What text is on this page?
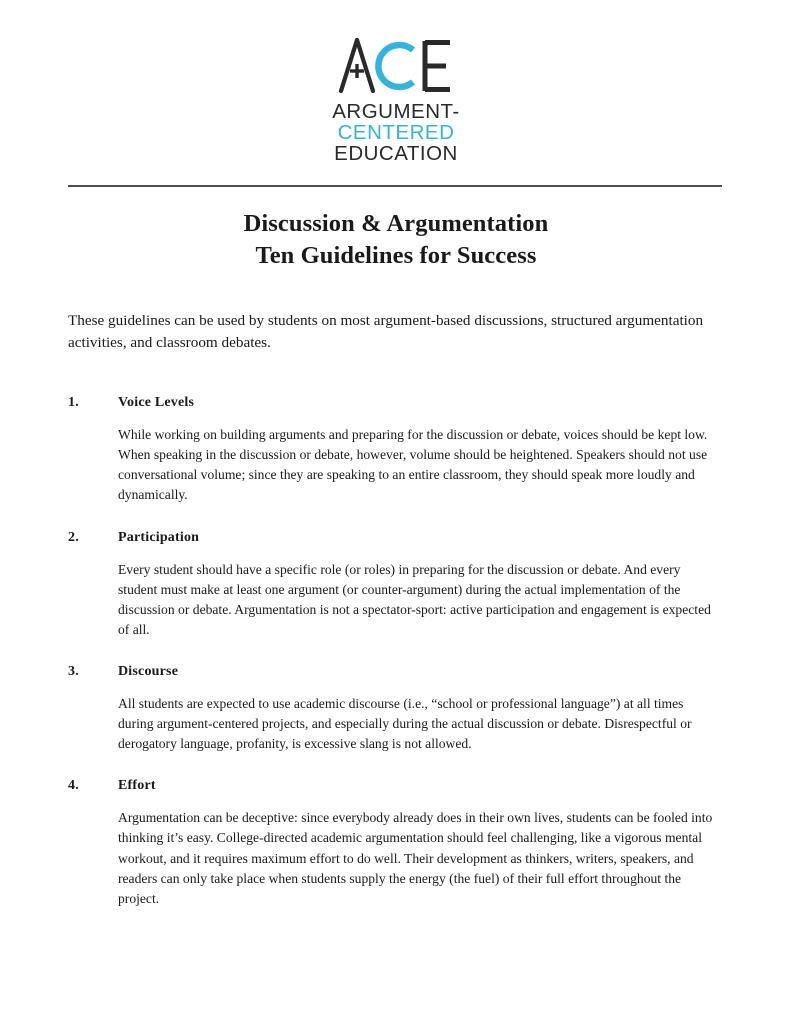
ARGUMENT-
CENTERED
EDUCATION
Discussion & Argumentation
Ten Guidelines for Success

These guidelines can be used by students on most argument-based discussions, structured argumentation activities, and classroom debates.

1.	Voice Levels

While working on building arguments and preparing for the discussion or debate, voices should be kept low. When speaking in the discussion or debate, however, volume should be heightened. Speakers should not use conversational volume; since they are speaking to an entire classroom, they should speak more loudly and dynamically.

2.	Participation

Every student should have a specific role (or roles) in preparing for the discussion or debate. And every student must make at least one argument (or counter-argument) during the actual implementation of the discussion or debate. Argumentation is not a spectator-sport: active participation and engagement is expected of all.

3.	Discourse

All students are expected to use academic discourse (i.e., “school or professional language”) at all times during argument-centered projects, and especially during the actual discussion or debate. Disrespectful or derogatory language, profanity, is excessive slang is not allowed.

4.	Effort

Argumentation can be deceptive: since everybody already does in their own lives, students can be fooled into thinking it’s easy. College-directed academic argumentation should feel challenging, like a vigorous mental workout, and it requires maximum effort to do well. Their development as thinkers, writers, speakers, and readers can only take place when students supply the energy (the fuel) of their full effort throughout the project.
